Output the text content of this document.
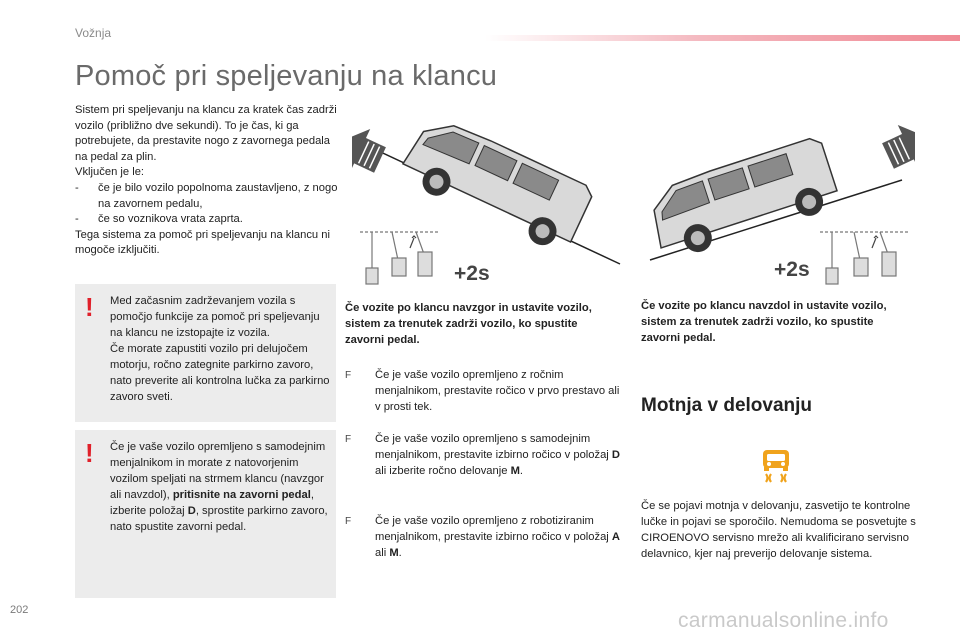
Vožnja
Pomoč pri speljevanju na klancu

Sistem pri speljevanju na klancu za kratek čas zadrži vozilo (približno dve sekundi). To je čas, ki ga potrebujete, da prestavite nogo z zavornega pedala na pedal za plin.

Vključen je le:

-	če je bilo vozilo popolnoma zaustavljeno, z nogo na zavornem pedalu,
-	če so voznikova vrata zaprta.

Tega sistema za pomoč pri speljevanju na klancu ni mogoče izključiti.

! Med začasnim zadrževanjem vozila s pomočjo funkcije za pomoč pri speljevanju na klancu ne izstopajte iz vozila.

Če morate zapustiti vozilo pri delujočem motorju, ročno zategnite parkirno zavoro, nato preverite ali kontrolna lučka za parkirno zavoro sveti.

! Če je vaše vozilo opremljeno s samodejnim menjalnikom in morate z natovorjenim vozilom speljati na strmem klancu (navzgor ali navzdol), pritisnite na zavorni pedal, izberite položaj D, sprostite parkirno zavoro, nato spustite zavorni pedal.
+2s	+2s
Če vozite po klancu navzgor in ustavite vozilo, sistem za trenutek zadrži vozilo, ko spustite zavorni pedal.
F	Če je vaše vozilo opremljeno z ročnim menjalnikom, prestavite ročico v prvo prestavo ali v prosti tek.
F	Če je vaše vozilo opremljeno s samodejnim menjalnikom, prestavite izbirno ročico v položaj D ali izberite ročno delovanje M.
F	Če je vaše vozilo opremljeno z robotiziranim menjalnikom, prestavite izbirno ročico v položaj A ali M.
Če vozite po klancu navzdol in ustavite vozilo, sistem za trenutek zadrži vozilo, ko spustite zavorni pedal.
Motnja v delovanju

Če se pojavi motnja v delovanju, zasvetijo te kontrolne lučke in pojavi se sporočilo. Nemudoma se posvetujte s CIROENOVO servisno mrežo ali kvalificirano servisno delavnico, kjer naj preverijo delovanje sistema.

202	carmanualsonline.info
